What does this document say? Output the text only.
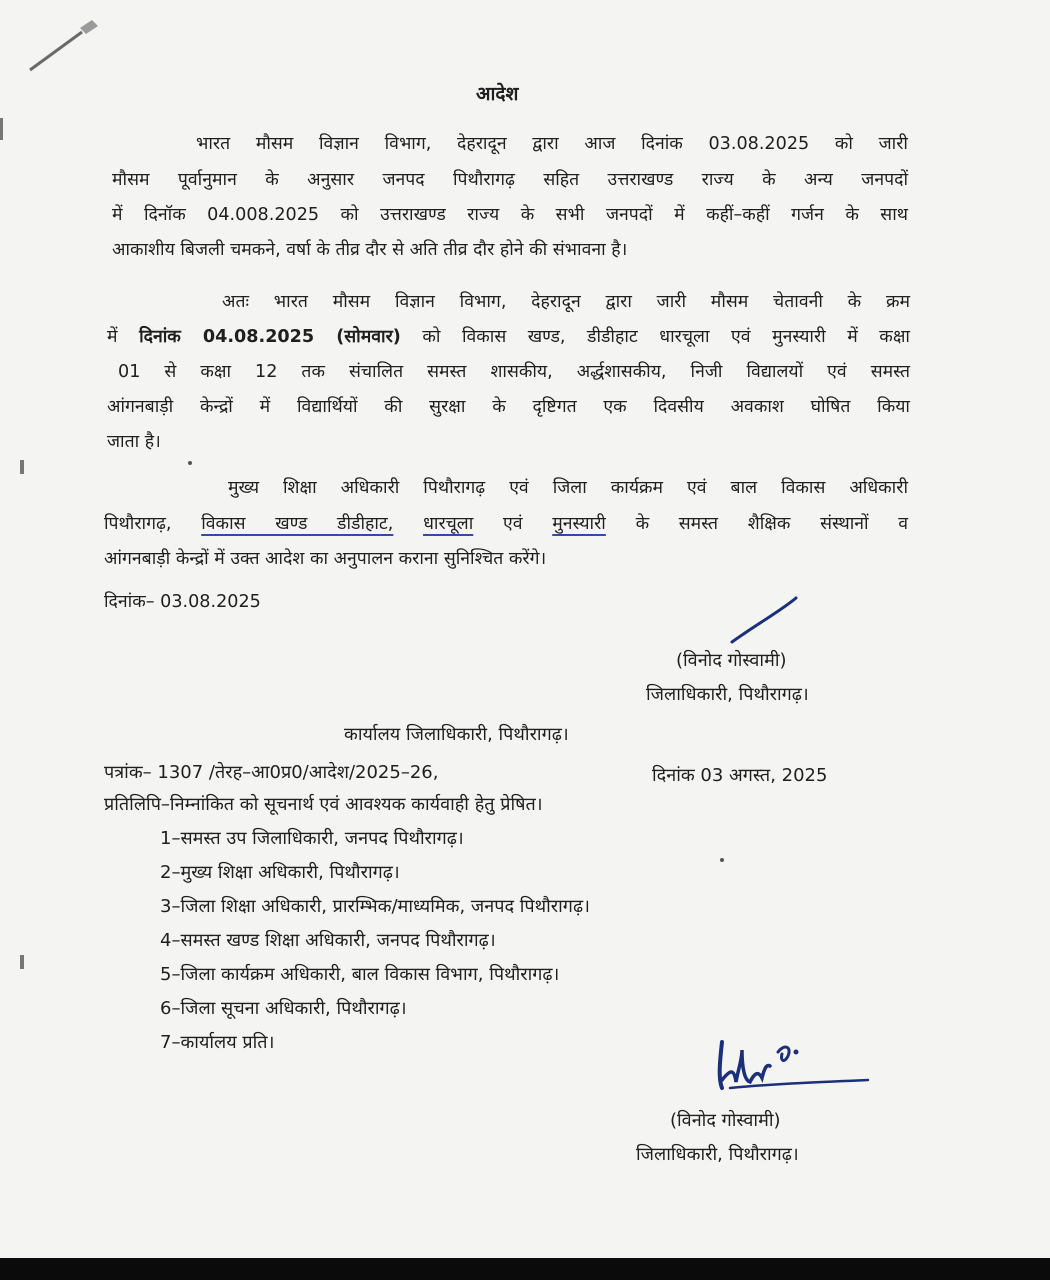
आदेश
भारत मौसम विज्ञान विभाग, देहरादून द्वारा आज दिनांक 03.08.2025 को जारी
मौसम पूर्वानुमान के अनुसार जनपद पिथौरागढ़ सहित उत्तराखण्ड राज्य के अन्य जनपदों
में दिनॉक 04.008.2025 को उत्तराखण्ड राज्य के सभी जनपदों में कहीं–कहीं गर्जन के साथ
आकाशीय बिजली चमकने, वर्षा के तीव्र दौर से अति तीव्र दौर होने की संभावना है।
अतः भारत मौसम विज्ञान विभाग, देहरादून द्वारा जारी मौसम चेतावनी के क्रम
में दिनांक 04.08.2025 (सोमवार) को विकास खण्ड, डीडीहाट धारचूला एवं मुनस्यारी में कक्षा
01 से कक्षा 12 तक संचालित समस्त शासकीय, अर्द्धशासकीय, निजी विद्यालयों एवं समस्त
आंगनबाड़ी केन्द्रों में विद्यार्थियों की सुरक्षा के दृष्टिगत एक दिवसीय अवकाश घोषित किया
जाता है।
मुख्य शिक्षा अधिकारी पिथौरागढ़ एवं जिला कार्यक्रम एवं बाल विकास अधिकारी
पिथौरागढ़, विकास खण्ड डीडीहाट, धारचूला एवं मुनस्यारी के समस्त शैक्षिक संस्थानों व
आंगनबाड़ी केन्द्रों में उक्त आदेश का अनुपालन कराना सुनिश्चित करेंगे।
दिनांक– 03.08.2025
(विनोद गोस्वामी)
जिलाधिकारी, पिथौरागढ़।
कार्यालय जिलाधिकारी, पिथौरागढ़।
पत्रांक– 1307 /तेरह–आ0प्र0/आदेश/2025–26,	दिनांक 03 अगस्त, 2025
प्रतिलिपि–निम्नांकित को सूचनार्थ एवं आवश्यक कार्यवाही हेतु प्रेषित।
1–समस्त उप जिलाधिकारी, जनपद पिथौरागढ़।
2–मुख्य शिक्षा अधिकारी, पिथौरागढ़।
3–जिला शिक्षा अधिकारी, प्रारम्भिक/माध्यमिक, जनपद पिथौरागढ़।
4–समस्त खण्ड शिक्षा अधिकारी, जनपद पिथौरागढ़।
5–जिला कार्यक्रम अधिकारी, बाल विकास विभाग, पिथौरागढ़।
6–जिला सूचना अधिकारी, पिथौरागढ़।
7–कार्यालय प्रति।
(विनोद गोस्वामी)
जिलाधिकारी, पिथौरागढ़।
